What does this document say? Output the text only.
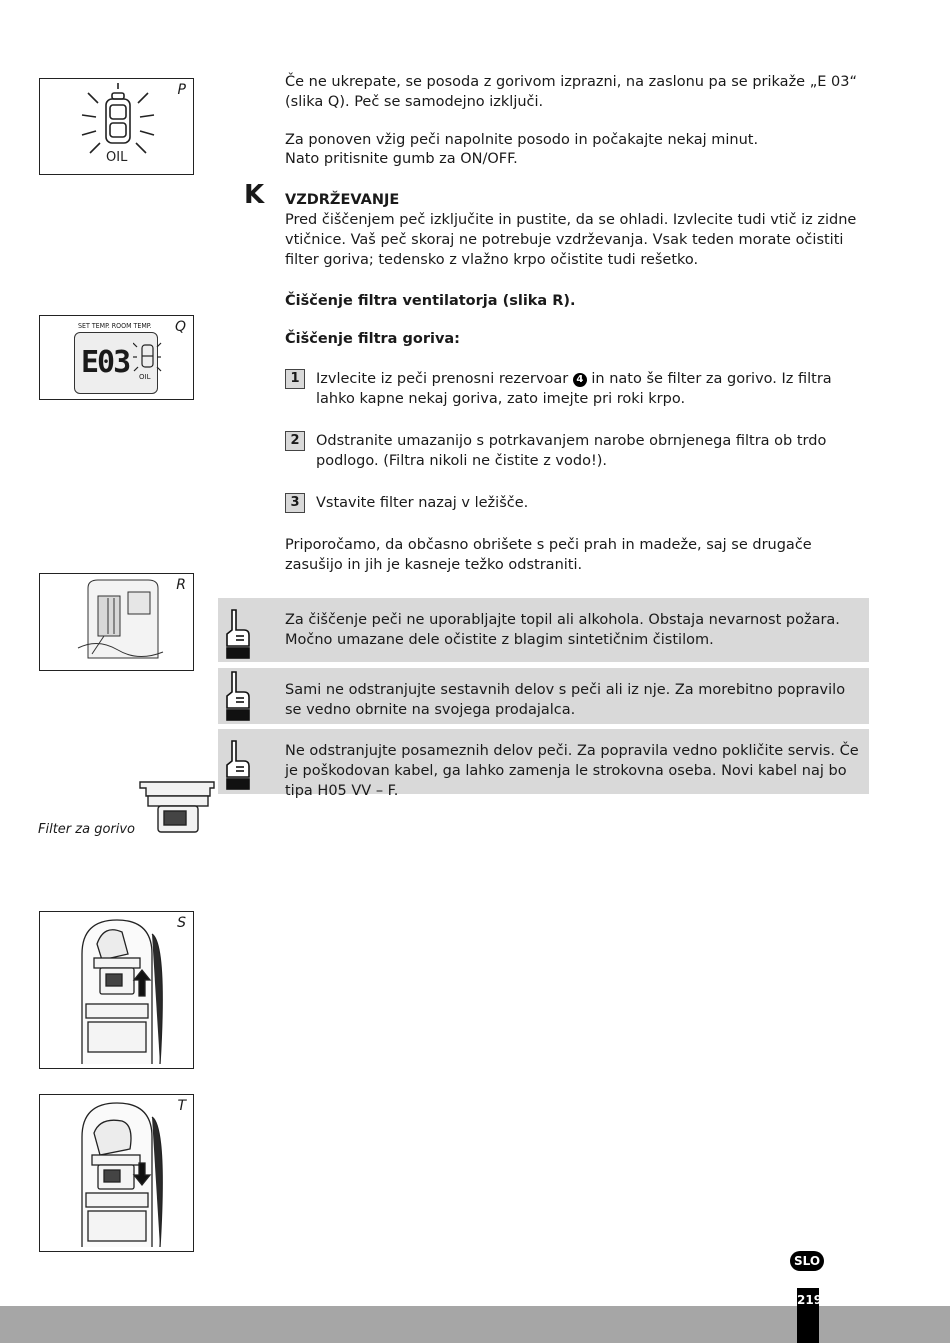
P
OIL
Q
SET TEMP. ROOM TEMP.
E03 OIL
R
Filter za gorivo
S
T
Če ne ukrepate, se posoda z gorivom izprazni, na zaslonu pa se prikaže „E 03“ (slika Q). Peč se samodejno izključi.
Za ponoven vžig peči napolnite posodo in počakajte nekaj minut.
Nato pritisnite gumb za ON/OFF.
K VZDRŽEVANJE
Pred čiščenjem peč izključite in pustite, da se ohladi. Izvlecite tudi vtič iz zidne vtičnice. Vaš peč skoraj ne potrebuje vzdrževanja. Vsak teden morate očistiti filter goriva; tedensko z vlažno krpo očistite tudi rešetko.
Čiščenje filtra ventilatorja (slika R).
Čiščenje filtra goriva:
1	Izvlecite iz peči prenosni rezervoar 4 in nato še filter za gorivo. Iz filtra lahko kapne nekaj goriva, zato imejte pri roki krpo.
2	Odstranite umazanijo s potrkavanjem narobe obrnjenega filtra ob trdo podlogo. (Filtra nikoli ne čistite z vodo!).
3	Vstavite filter nazaj v ležišče.
Priporočamo, da občasno obrišete s peči prah in madeže, saj se drugače zasušijo in jih je kasneje težko odstraniti.
Za čiščenje peči ne uporabljajte topil ali alkohola. Obstaja nevarnost požara. Močno umazane dele očistite z blagim sintetičnim čistilom.
Sami ne odstranjujte sestavnih delov s peči ali iz nje. Za morebitno popravilo se vedno obrnite na svojega prodajalca.
Ne odstranjujte posameznih delov peči. Za popravila vedno pokličite servis. Če je poškodovan kabel, ga lahko zamenja le strokovna oseba. Novi kabel naj bo tipa H05 VV – F.
SLO
219
